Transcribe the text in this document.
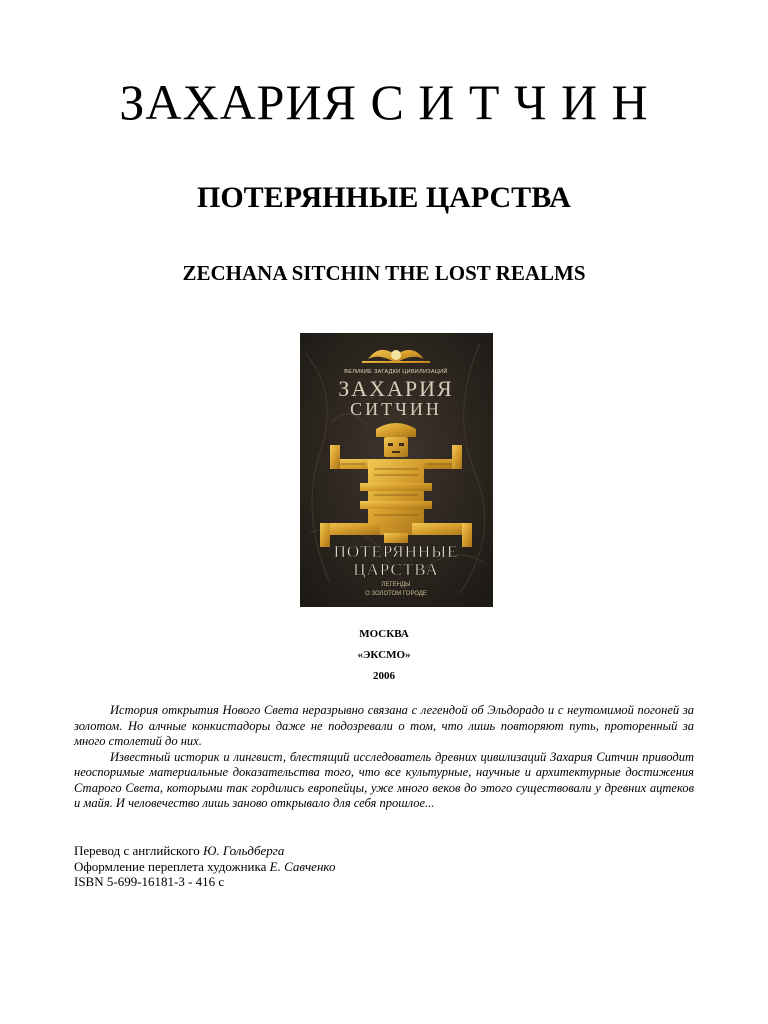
ЗАХАРИЯ С И Т Ч И Н
ПОТЕРЯННЫЕ ЦАРСТВА
ZECHANA SITCHIN THE LOST REALMS
ВЕЛИКИЕ ЗАГАДКИ ЦИВИЛИЗАЦИЙ
ЗАХАРИЯ
СИТЧИН
ПОТЕРЯННЫЕ
ЦАРСТВА
ЛЕГЕНДЫ
О ЗОЛОТОМ ГОРОДЕ
МОСКВА
«ЭКСМО»
2006

История открытия Нового Света неразрывно связана с легендой об Эльдорадо и с неутомимой погоней за золотом. Но алчные конкистадоры даже не подозревали о том, что лишь повторяют путь, проторенный за много столетий до них.

Известный историк и лингвист, блестящий исследователь древних цивилизаций Захария Ситчин приводит неоспоримые материальные доказательства того, что все культурные, научные и архитектурные достижения Старого Света, которыми так гордились европейцы, уже много веков до этого существовали у древних ацтеков и майя. И человечество лишь заново открывало для себя прошлое...

Перевод с английского Ю. Гольдберга
Оформление переплета художника Е. Савченко
ISBN 5-699-16181-3 - 416 с
